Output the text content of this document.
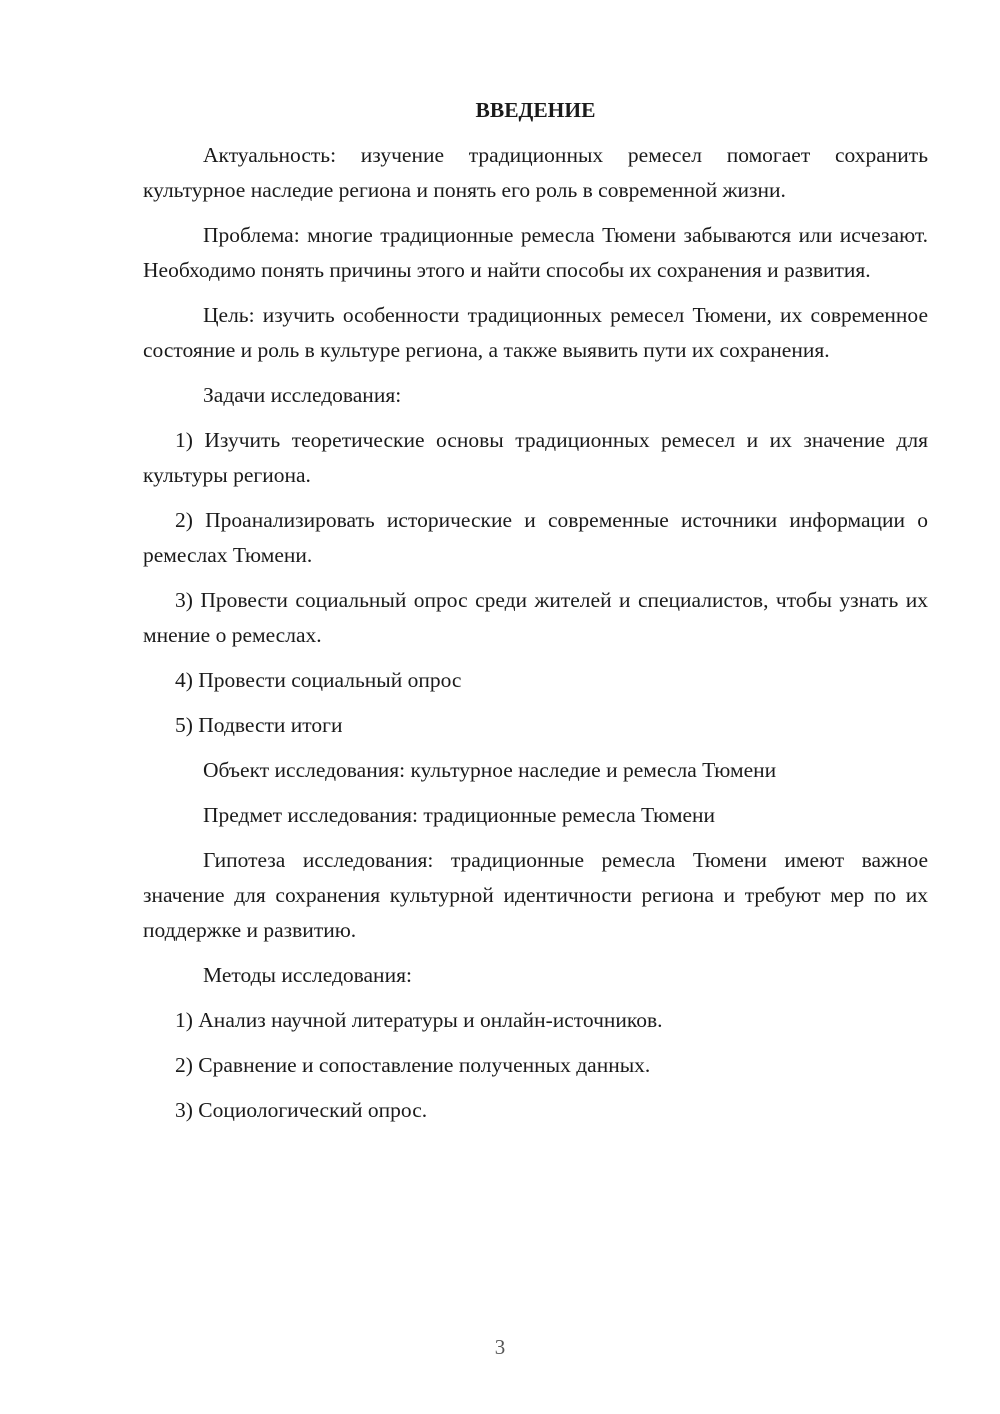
ВВЕДЕНИЕ

Актуальность: изучение традиционных ремесел помогает сохранить культурное наследие региона и понять его роль в современной жизни.

Проблема: многие традиционные ремесла Тюмени забываются или исчезают. Необходимо понять причины этого и найти способы их сохранения и развития.

Цель: изучить особенности традиционных ремесел Тюмени, их современное состояние и роль в культуре региона, а также выявить пути их сохранения.

Задачи исследования:

1) Изучить теоретические основы традиционных ремесел и их значение для культуры региона.

2) Проанализировать исторические и современные источники информации о ремеслах Тюмени.

3) Провести социальный опрос среди жителей и специалистов, чтобы узнать их мнение о ремеслах.

4) Провести социальный опрос

5) Подвести итоги

Объект исследования: культурное наследие и ремесла Тюмени

Предмет исследования: традиционные ремесла Тюмени

Гипотеза исследования: традиционные ремесла Тюмени имеют важное значение для сохранения культурной идентичности региона и требуют мер по их поддержке и развитию.

Методы исследования:

1) Анализ научной литературы и онлайн-источников.

2) Сравнение и сопоставление полученных данных.

3) Социологический опрос.

3
